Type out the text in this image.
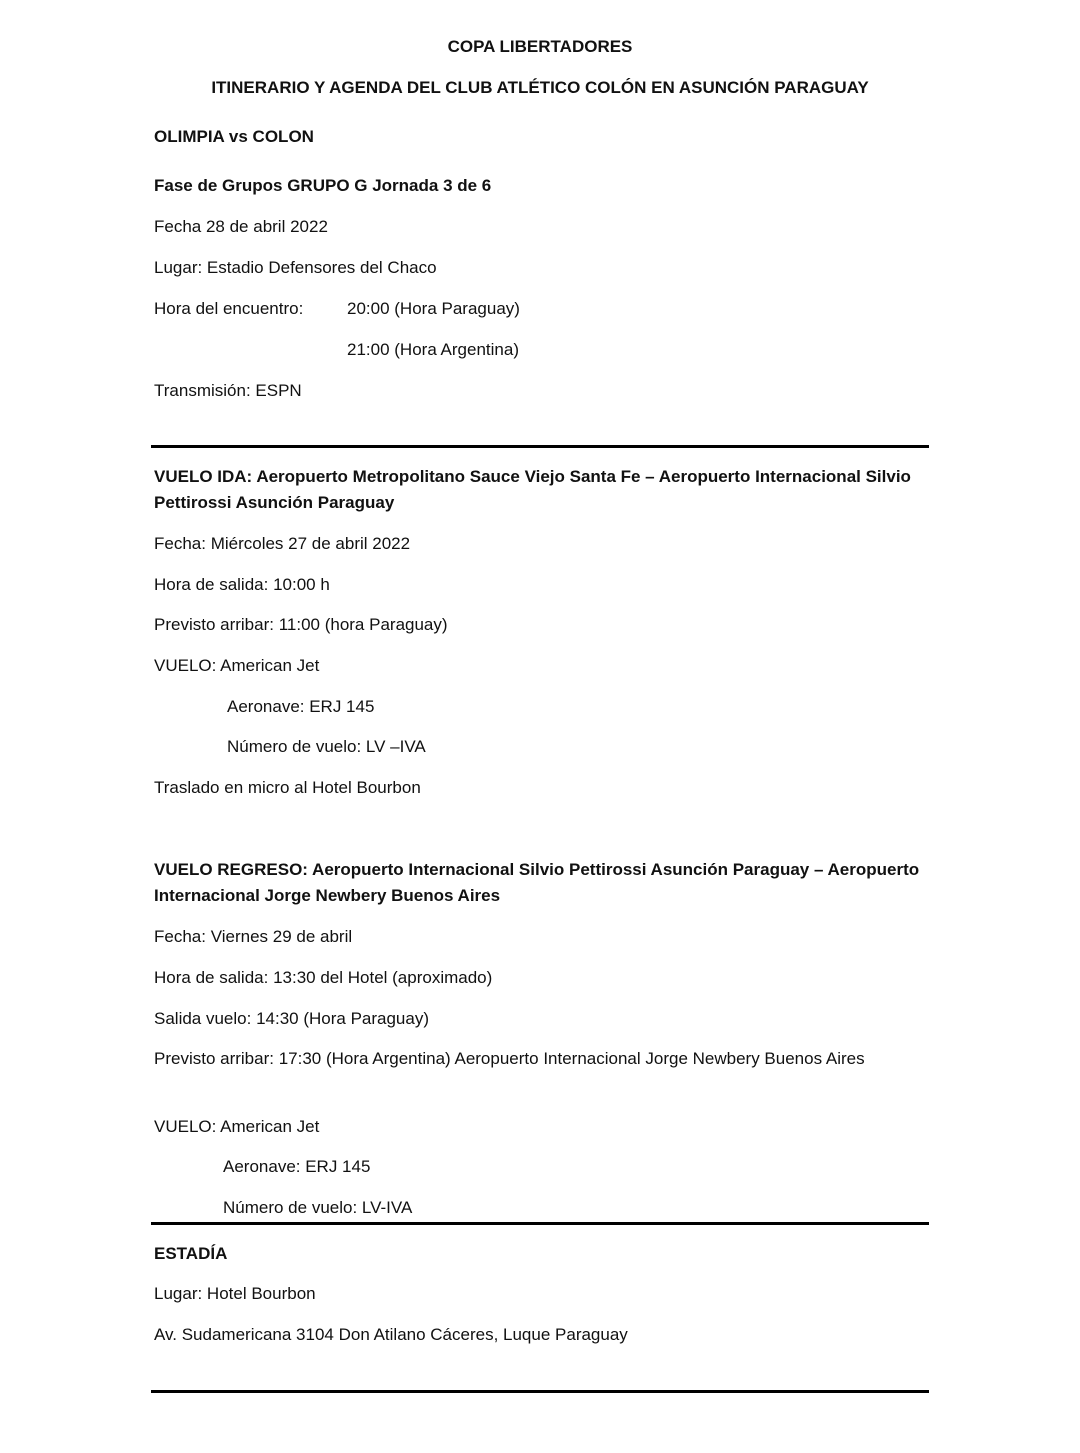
COPA LIBERTADORES
ITINERARIO Y AGENDA DEL CLUB ATLÉTICO COLÓN EN ASUNCIÓN PARAGUAY
OLIMPIA vs COLON
Fase de Grupos GRUPO G Jornada 3 de 6
Fecha 28 de abril 2022
Lugar: Estadio Defensores del Chaco
Hora del encuentro:	20:00 (Hora Paraguay)
21:00 (Hora Argentina)
Transmisión: ESPN
VUELO IDA: Aeropuerto Metropolitano Sauce Viejo Santa Fe – Aeropuerto Internacional Silvio Pettirossi Asunción Paraguay
Fecha: Miércoles 27 de abril 2022
Hora de salida: 10:00 h
Previsto arribar: 11:00 (hora Paraguay)
VUELO: American Jet
Aeronave: ERJ 145
Número de vuelo: LV –IVA
Traslado en micro al Hotel Bourbon
VUELO REGRESO: Aeropuerto Internacional Silvio Pettirossi Asunción Paraguay – Aeropuerto Internacional Jorge Newbery Buenos Aires
Fecha: Viernes 29 de abril
Hora de salida: 13:30 del Hotel (aproximado)
Salida vuelo: 14:30 (Hora Paraguay)
Previsto arribar: 17:30 (Hora Argentina) Aeropuerto Internacional Jorge Newbery Buenos Aires
VUELO: American Jet
Aeronave: ERJ 145
Número de vuelo: LV-IVA
ESTADÍA
Lugar: Hotel Bourbon
Av. Sudamericana 3104 Don Atilano Cáceres, Luque Paraguay
